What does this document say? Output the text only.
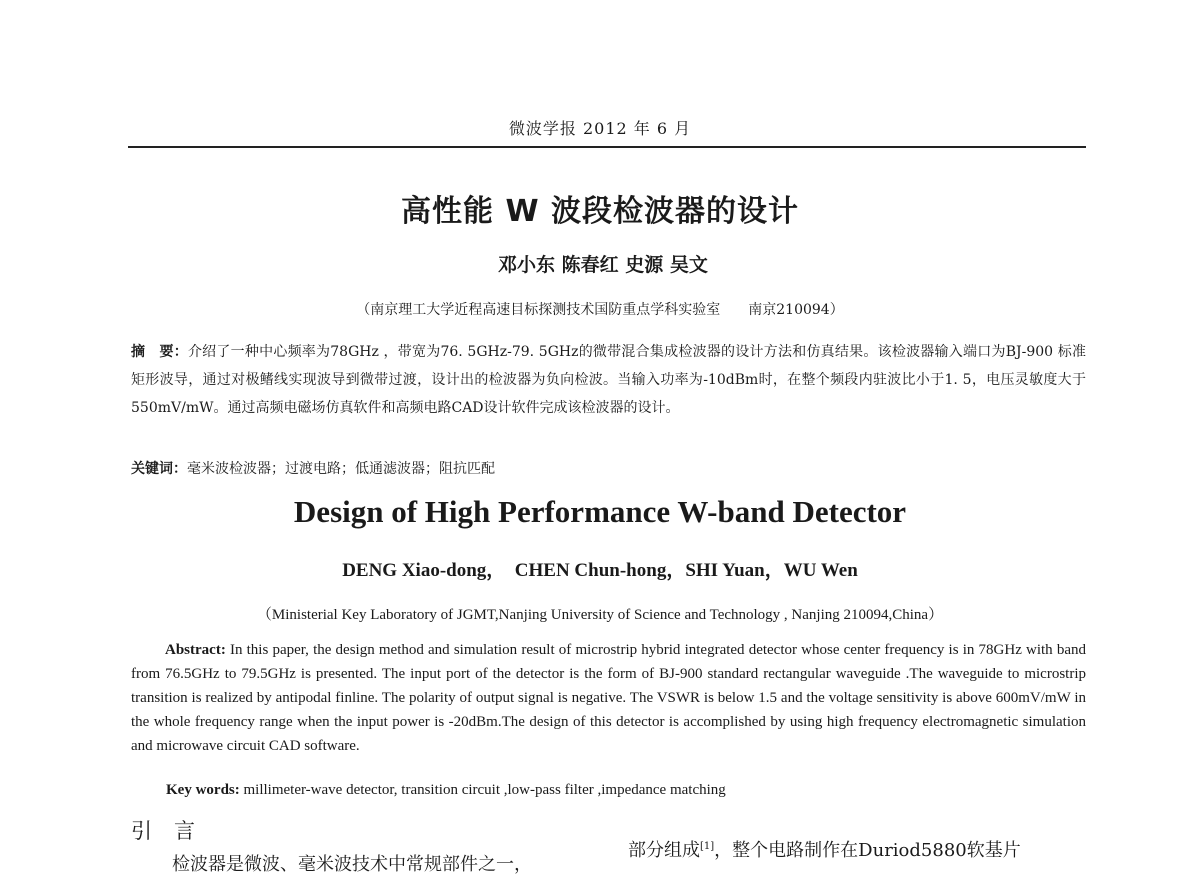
微波学报 2012 年 6 月
高性能 W 波段检波器的设计
邓小东 陈春红 史源 吴文
（南京理工大学近程高速目标探测技术国防重点学科实验室　　南京210094）
摘　要：介绍了一种中心频率为78GHz ，带宽为76. 5GHz-79. 5GHz的微带混合集成检波器的设计方法和仿真结果。该检波器输入端口为BJ-900 标准矩形波导，通过对极鳍线实现波导到微带过渡，设计出的检波器为负向检波。当输入功率为-10dBm时，在整个频段内驻波比小于1. 5，电压灵敏度大于550mV/mW。通过高频电磁场仿真软件和高频电路CAD设计软件完成该检波器的设计。
关键词：毫米波检波器；过渡电路；低通滤波器；阻抗匹配
Design of High Performance W-band Detector
DENG Xiao-dong，　CHEN Chun-hong，SHI Yuan，WU Wen
（Ministerial Key Laboratory of JGMT,Nanjing University of Science and Technology , Nanjing 210094,China）
Abstract: In this paper, the design method and simulation result of microstrip hybrid integrated detector whose center frequency is in 78GHz with band from 76.5GHz to 79.5GHz is presented. The input port of the detector is the form of BJ-900 standard rectangular waveguide .The waveguide to microstrip transition is realized by antipodal finline. The polarity of output signal is negative. The VSWR is below 1.5 and the voltage sensitivity is above 600mV/mW in the whole frequency range when the input power is -20dBm.The design of this detector is accomplished by using high frequency electromagnetic simulation and microwave circuit CAD software.
Key words: millimeter-wave detector, transition circuit ,low-pass filter ,impedance matching
引言
检波器是微波、毫米波技术中常规部件之一，
部分组成[1]，整个电路制作在Duriod5880软基片
